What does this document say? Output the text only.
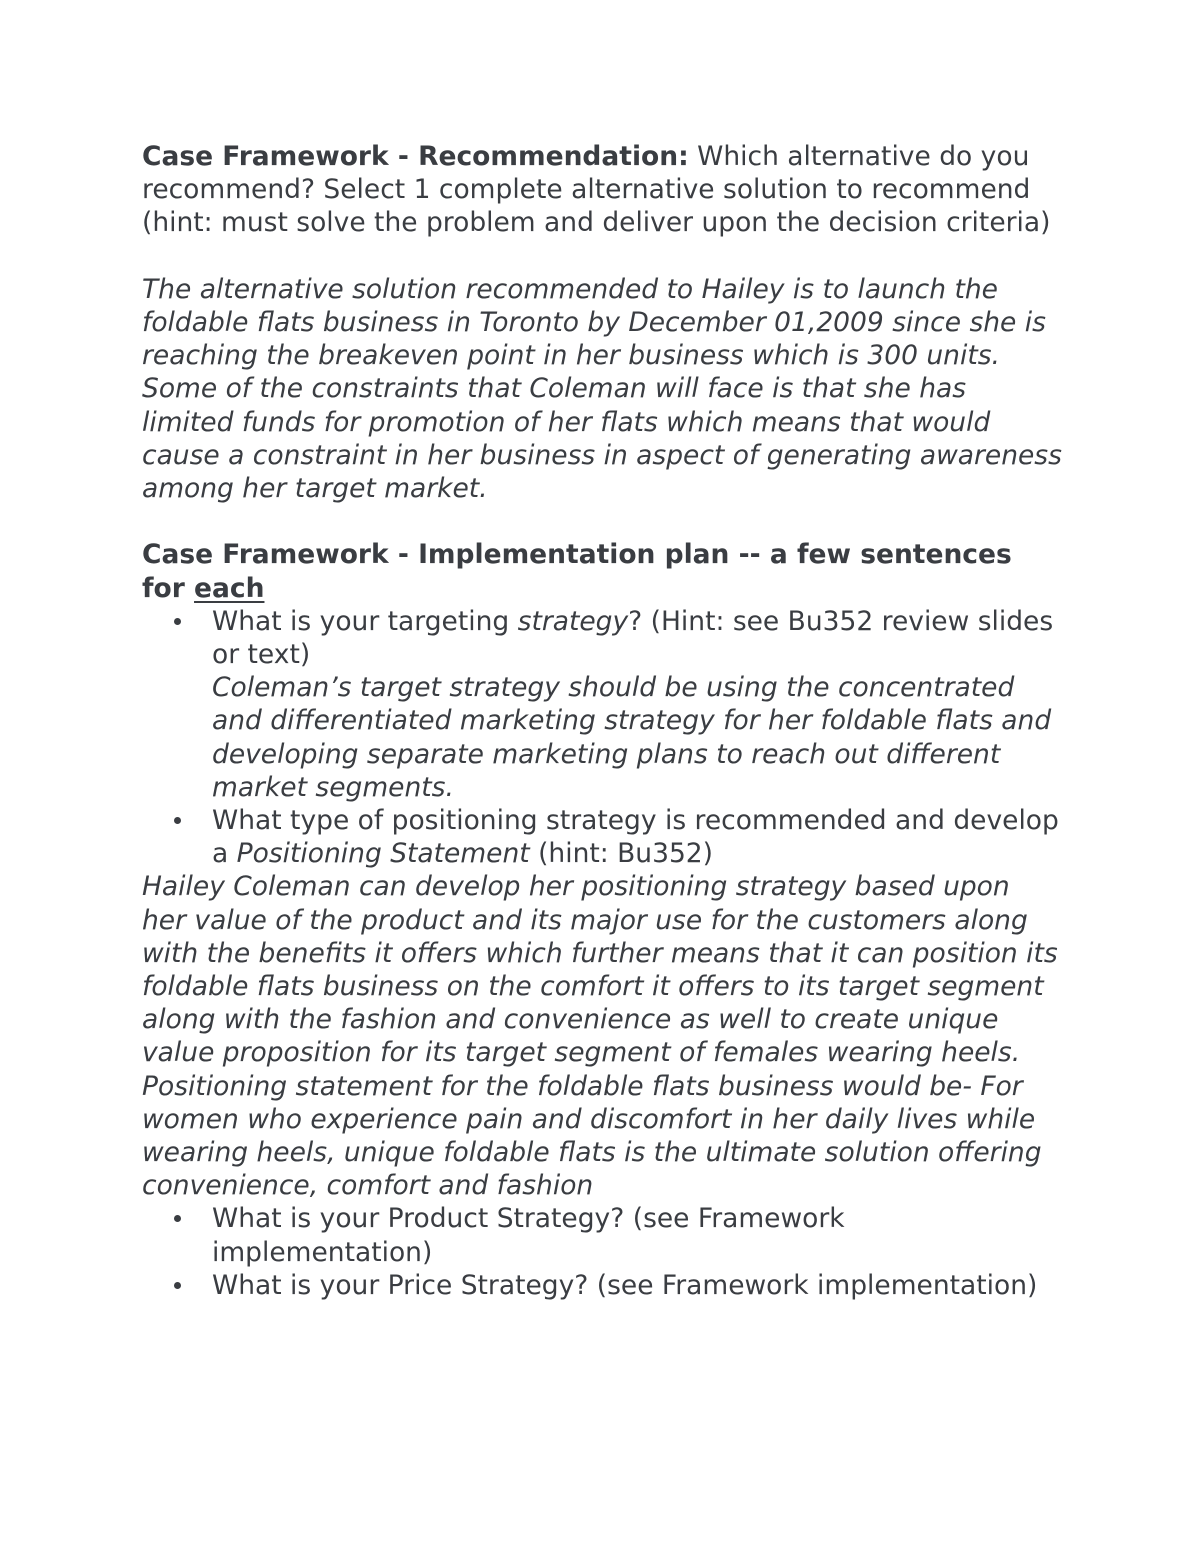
Case Framework - Recommendation: Which alternative do you recommend? Select 1 complete alternative solution to recommend (hint: must solve the problem and deliver upon the decision criteria)

The alternative solution recommended to Hailey is to launch the foldable flats business in Toronto by December 01,2009 since she is reaching the breakeven point in her business which is 300 units. Some of the constraints that Coleman will face is that she has limited funds for promotion of her flats which means that would cause a constraint in her business in aspect of generating awareness among her target market.

Case Framework - Implementation plan -- a few sentences for each

What is your targeting strategy? (Hint: see Bu352 review slides or text)
Coleman’s target strategy should be using the concentrated and differentiated marketing strategy for her foldable flats and developing separate marketing plans to reach out different market segments.
What type of positioning strategy is recommended and develop a Positioning Statement (hint: Bu352)

Hailey Coleman can develop her positioning strategy based upon her value of the product and its major use for the customers along with the benefits it offers which further means that it can position its foldable flats business on the comfort it offers to its target segment along with the fashion and convenience as well to create unique value proposition for its target segment of females wearing heels. Positioning statement for the foldable flats business would be- For women who experience pain and discomfort in her daily lives while wearing heels, unique foldable flats is the ultimate solution offering convenience, comfort and fashion

What is your Product Strategy? (see Framework implementation)
What is your Price Strategy? (see Framework implementation)
